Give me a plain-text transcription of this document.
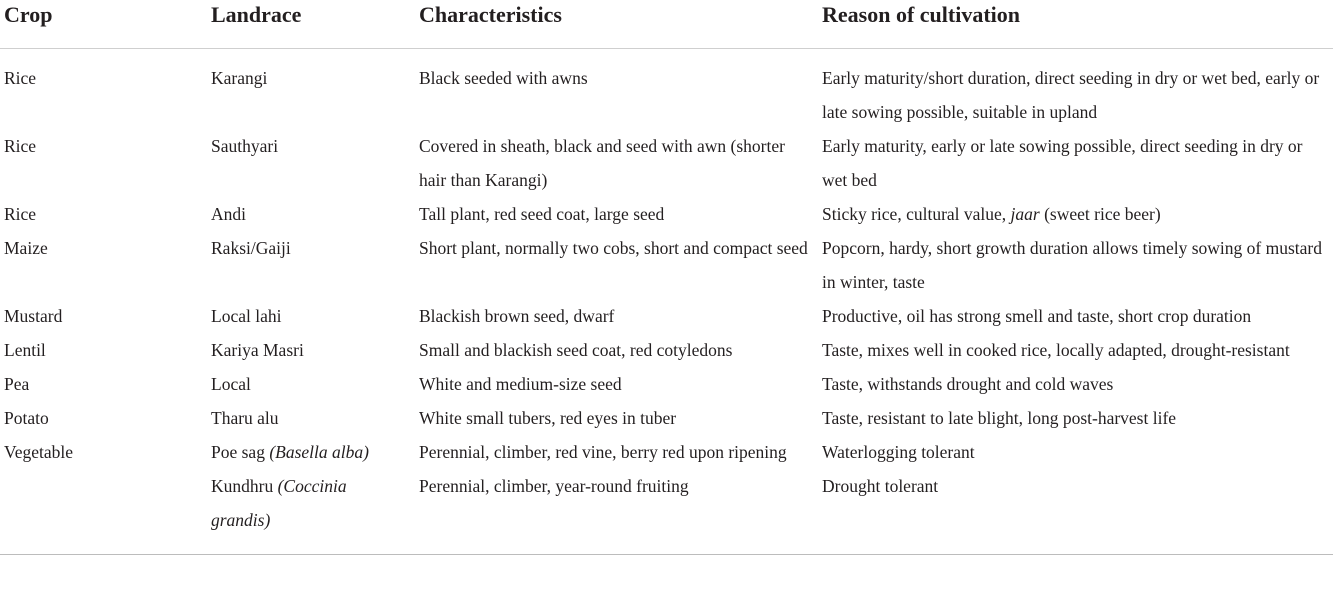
Crop	Landrace	Characteristics	Reason of cultivation
Rice	Karangi	Black seeded with awns	Early maturity/short duration, direct seeding in dry or wet bed, early or late sowing possible, suitable in upland
Rice	Sauthyari	Covered in sheath, black and seed with awn (shorter hair than Karangi)	Early maturity, early or late sowing possible, direct seeding in dry or wet bed
Rice	Andi	Tall plant, red seed coat, large seed	Sticky rice, cultural value, jaar (sweet rice beer)
Maize	Raksi/Gaiji	Short plant, normally two cobs, short and compact seed	Popcorn, hardy, short growth duration allows timely sowing of mustard in winter, taste
Mustard	Local lahi	Blackish brown seed, dwarf	Productive, oil has strong smell and taste, short crop duration
Lentil	Kariya Masri	Small and blackish seed coat, red cotyledons	Taste, mixes well in cooked rice, locally adapted, drought-resistant
Pea	Local	White and medium-size seed	Taste, withstands drought and cold waves
Potato	Tharu alu	White small tubers, red eyes in tuber	Taste, resistant to late blight, long post-harvest life
Vegetable	Poe sag (Basella alba)	Perennial, climber, red vine, berry red upon ripening	Waterlogging tolerant
	Kundhru (Coccinia grandis)	Perennial, climber, year-round fruiting	Drought tolerant
